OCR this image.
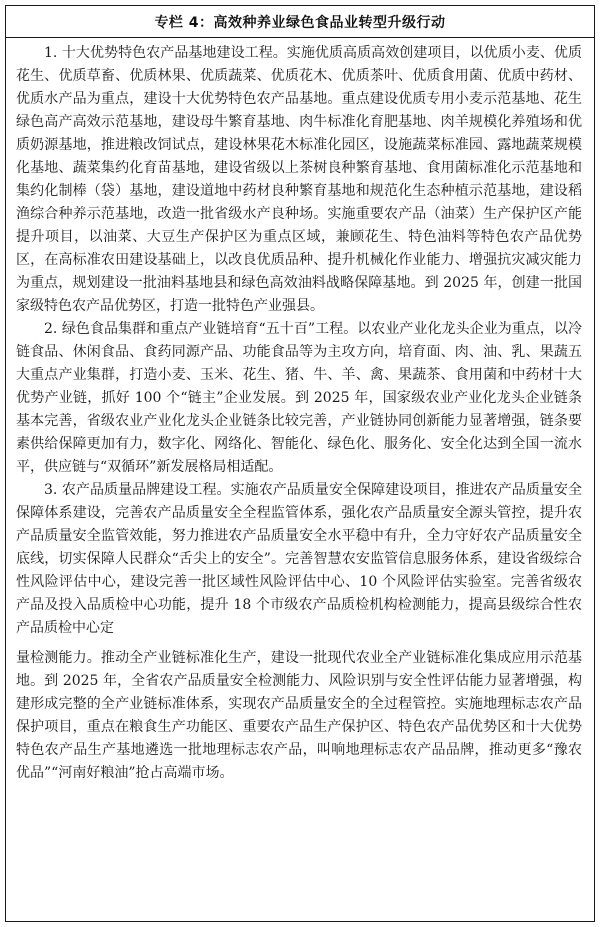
专栏 4：高效种养业绿色食品业转型升级行动

1. 十大优势特色农产品基地建设工程。实施优质高质高效创建项目，以优质小麦、优质花生、优质草畜、优质林果、优质蔬菜、优质花木、优质茶叶、优质食用菌、优质中药材、优质水产品为重点，建设十大优势特色农产品基地。重点建设优质专用小麦示范基地、花生绿色高产高效示范基地，建设母牛繁育基地、肉牛标准化育肥基地、肉羊规模化养殖场和优质奶源基地，推进粮改饲试点，建设林果花木标准化园区，设施蔬菜标准园、露地蔬菜规模化基地、蔬菜集约化育苗基地，建设省级以上茶树良种繁育基地、食用菌标准化示范基地和集约化制棒（袋）基地，建设道地中药材良种繁育基地和规范化生态种植示范基地，建设稻渔综合种养示范基地，改造一批省级水产良种场。实施重要农产品（油菜）生产保护区产能提升项目，以油菜、大豆生产保护区为重点区域，兼顾花生、特色油料等特色农产品优势区，在高标准农田建设基础上，以改良优质品种、提升机械化作业能力、增强抗灾减灾能力为重点，规划建设一批油料基地县和绿色高效油料战略保障基地。到 2025 年，创建一批国家级特色农产品优势区，打造一批特色产业强县。

2. 绿色食品集群和重点产业链培育“五十百”工程。以农业产业化龙头企业为重点，以冷链食品、休闲食品、食药同源产品、功能食品等为主攻方向，培育面、肉、油、乳、果蔬五大重点产业集群，打造小麦、玉米、花生、猪、牛、羊、禽、果蔬茶、食用菌和中药材十大优势产业链，抓好 100 个“链主”企业发展。到 2025 年，国家级农业产业化龙头企业链条基本完善，省级农业产业化龙头企业链条比较完善，产业链协同创新能力显著增强，链条要素供给保障更加有力，数字化、网络化、智能化、绿色化、服务化、安全化达到全国一流水平，供应链与“双循环”新发展格局相适配。

3. 农产品质量品牌建设工程。实施农产品质量安全保障建设项目，推进农产品质量安全保障体系建设，完善农产品质量安全全程监管体系，强化农产品质量安全源头管控，提升农产品质量安全监管效能，努力推进农产品质量安全水平稳中有升，全力守好农产品质量安全底线，切实保障人民群众“舌尖上的安全”。完善智慧农安监管信息服务体系，建设省级综合性风险评估中心，建设完善一批区域性风险评估中心、10 个风险评估实验室。完善省级农产品及投入品质检中心功能，提升 18 个市级农产品质检机构检测能力，提高县级综合性农产品质检中心定

量检测能力。推动全产业链标准化生产，建设一批现代农业全产业链标准化集成应用示范基地。到 2025 年，全省农产品质量安全检测能力、风险识别与安全性评估能力显著增强，构建形成完整的全产业链标准体系，实现农产品质量安全的全过程管控。实施地理标志农产品保护项目，重点在粮食生产功能区、重要农产品生产保护区、特色农产品优势区和十大优势特色农产品生产基地遴选一批地理标志农产品，叫响地理标志农产品品牌，推动更多“豫农优品”“河南好粮油”抢占高端市场。
